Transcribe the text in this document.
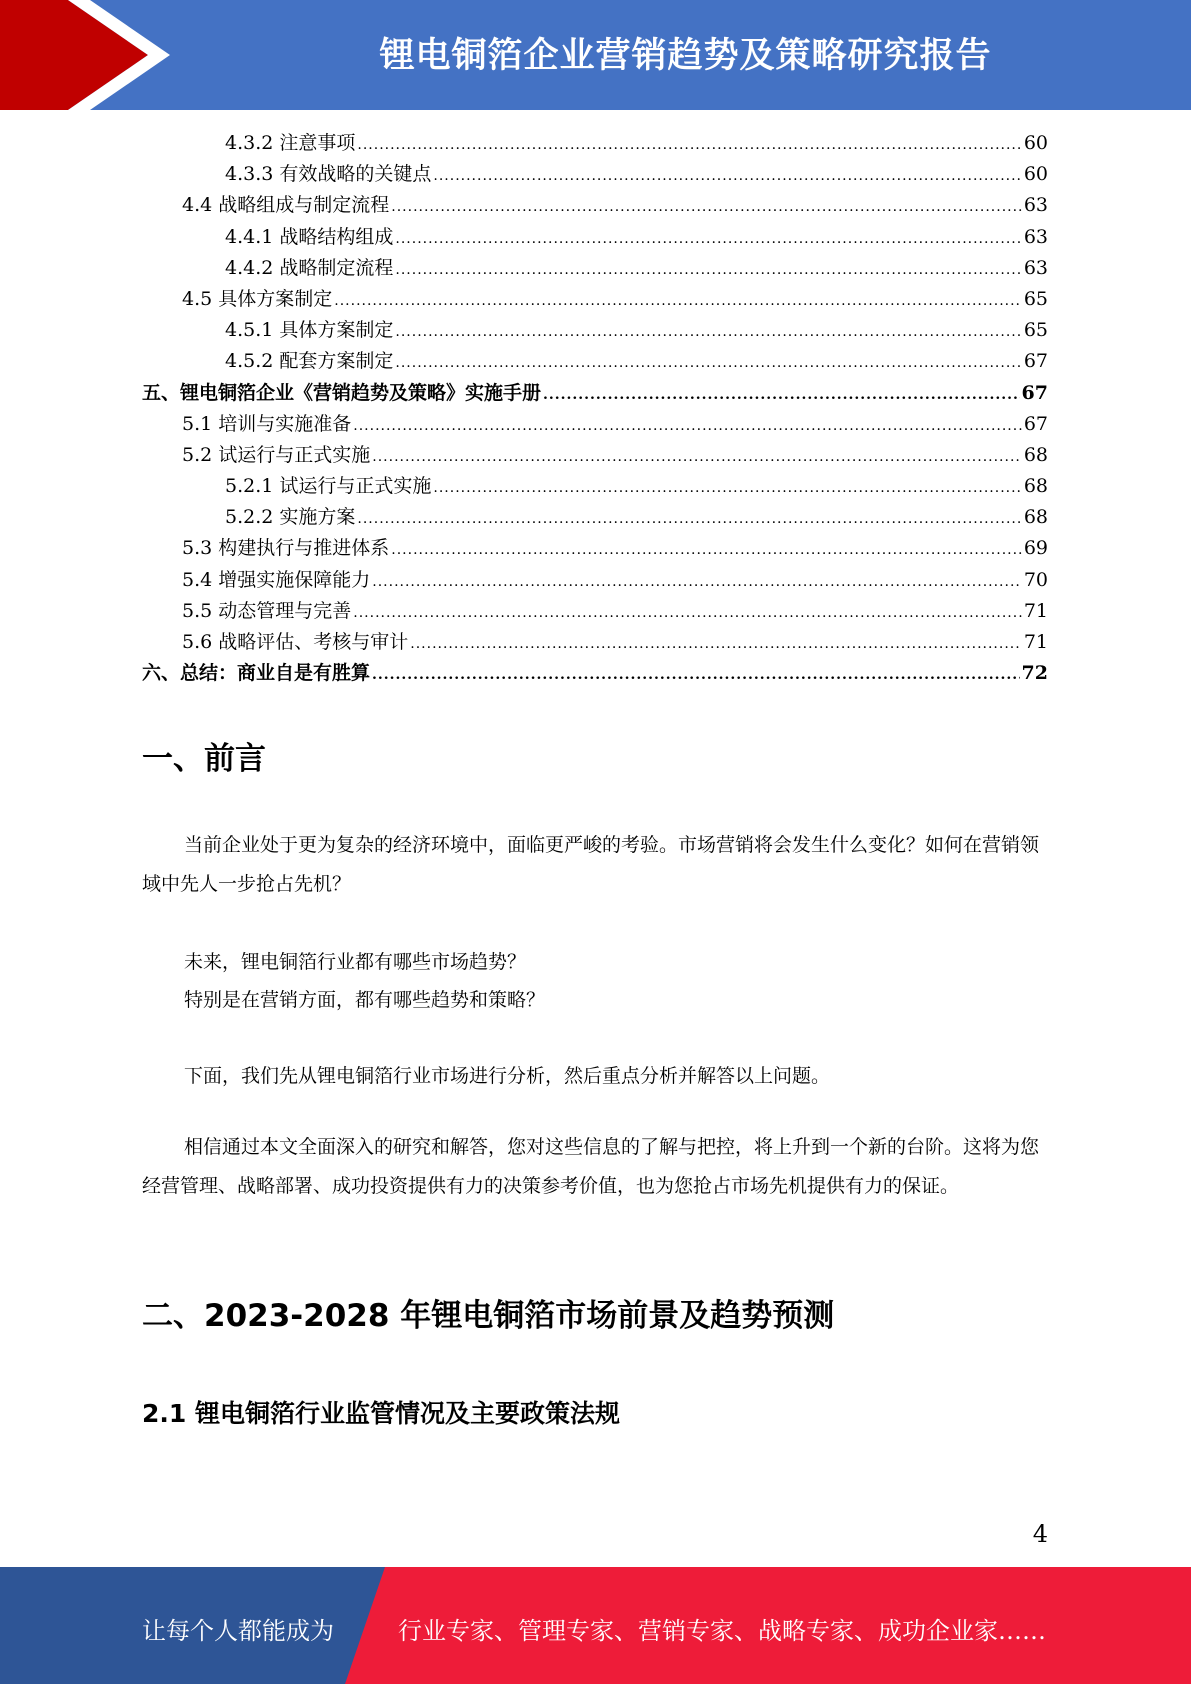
锂电铜箔企业营销趋势及策略研究报告
4.3.2 注意事项 .....	60
4.3.3 有效战略的关键点 .....	60
4.4 战略组成与制定流程 .....	63
4.4.1 战略结构组成 .....	63
4.4.2 战略制定流程 .....	63
4.5 具体方案制定 .....	65
4.5.1 具体方案制定 .....	65
4.5.2 配套方案制定 .....	67
五、锂电铜箔企业《营销趋势及策略》实施手册 .....	67
5.1 培训与实施准备 .....	67
5.2 试运行与正式实施 .....	68
5.2.1 试运行与正式实施 .....	68
5.2.2 实施方案 .....	68
5.3 构建执行与推进体系 .....	69
5.4 增强实施保障能力 .....	70
5.5 动态管理与完善 .....	71
5.6 战略评估、考核与审计 .....	71
六、总结：商业自是有胜算 .....	72
一、前言

当前企业处于更为复杂的经济环境中，面临更严峻的考验。市场营销将会发生什么变化？如何在营销领域中先人一步抢占先机？

未来，锂电铜箔行业都有哪些市场趋势？

特别是在营销方面，都有哪些趋势和策略？

下面，我们先从锂电铜箔行业市场进行分析，然后重点分析并解答以上问题。

相信通过本文全面深入的研究和解答，您对这些信息的了解与把控，将上升到一个新的台阶。这将为您经营管理、战略部署、成功投资提供有力的决策参考价值，也为您抢占市场先机提供有力的保证。

二、2023-2028 年锂电铜箔市场前景及趋势预测
2.1 锂电铜箔行业监管情况及主要政策法规
4
让每个人都能成为	行业专家、管理专家、营销专家、战略专家、成功企业家……
